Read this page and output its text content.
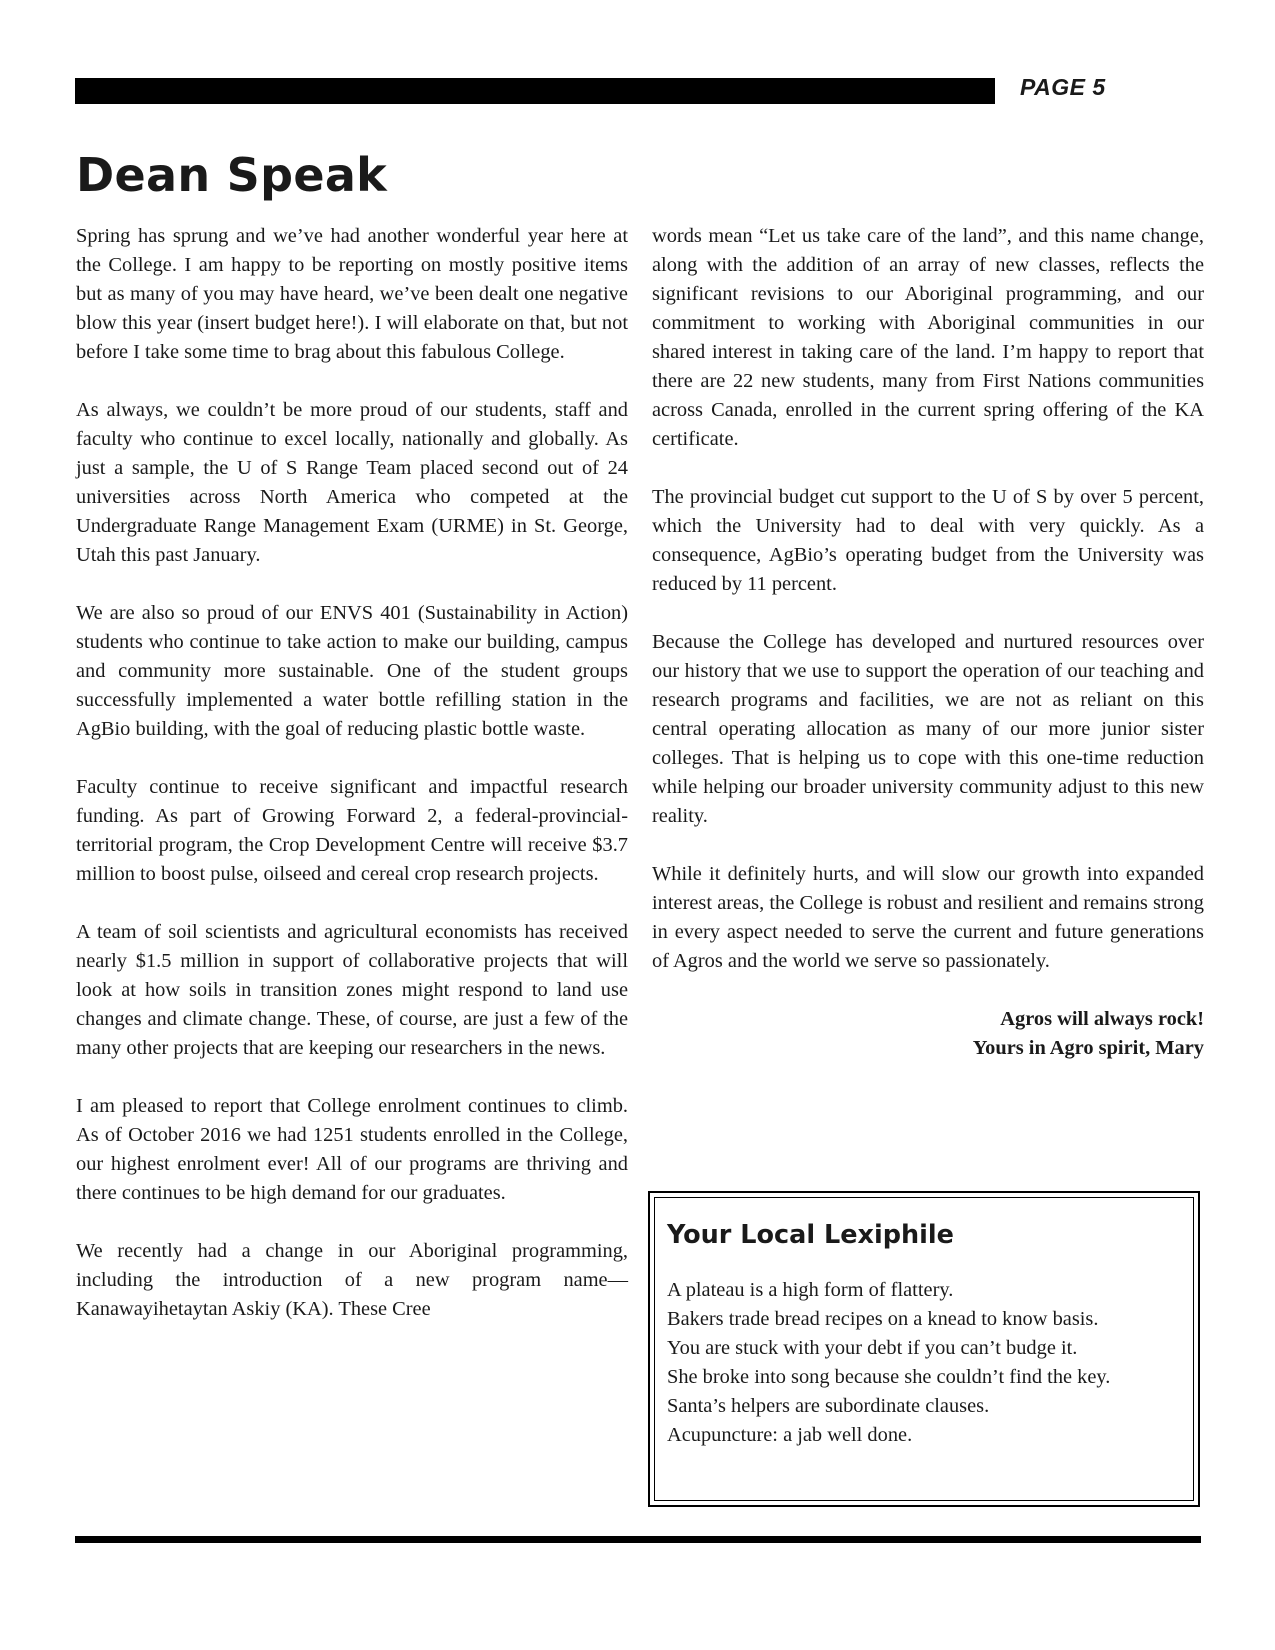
PAGE 5
Dean Speak

Spring has sprung and we’ve had another wonderful year here at the College. I am happy to be reporting on mostly positive items but as many of you may have heard, we’ve been dealt one negative blow this year (insert budget here!). I will elaborate on that, but not before I take some time to brag about this fabulous College.

As always, we couldn’t be more proud of our students, staff and faculty who continue to excel locally, nationally and globally. As just a sample, the U of S Range Team placed second out of 24 universities across North America who competed at the Undergraduate Range Management Exam (URME) in St. George, Utah this past January.

We are also so proud of our ENVS 401 (Sustainability in Action) students who continue to take action to make our building, campus and community more sustainable. One of the student groups successfully implemented a water bottle refilling station in the AgBio building, with the goal of reducing plastic bottle waste.

Faculty continue to receive significant and impactful research funding. As part of Growing Forward 2, a federal-provincial-territorial program, the Crop Development Centre will receive $3.7 million to boost pulse, oilseed and cereal crop research projects.

A team of soil scientists and agricultural economists has received nearly $1.5 million in support of collaborative projects that will look at how soils in transition zones might respond to land use changes and climate change. These, of course, are just a few of the many other projects that are keeping our researchers in the news.

I am pleased to report that College enrolment continues to climb. As of October 2016 we had 1251 students enrolled in the College, our highest enrolment ever! All of our programs are thriving and there continues to be high demand for our graduates.

We recently had a change in our Aboriginal programming, including the introduction of a new program name—Kanawayihetaytan Askiy (KA). These Cree

words mean “Let us take care of the land”, and this name change, along with the addition of an array of new classes, reflects the significant revisions to our Aboriginal programming, and our commitment to working with Aboriginal communities in our shared interest in taking care of the land. I’m happy to report that there are 22 new students, many from First Nations communities across Canada, enrolled in the current spring offering of the KA certificate.

The provincial budget cut support to the U of S by over 5 percent, which the University had to deal with very quickly. As a consequence, AgBio’s operating budget from the University was reduced by 11 percent.

Because the College has developed and nurtured resources over our history that we use to support the operation of our teaching and research programs and facilities, we are not as reliant on this central operating allocation as many of our more junior sister colleges. That is helping us to cope with this one-time reduction while helping our broader university community adjust to this new reality.

While it definitely hurts, and will slow our growth into expanded interest areas, the College is robust and resilient and remains strong in every aspect needed to serve the current and future generations of Agros and the world we serve so passionately.

Agros will always rock!
Yours in Agro spirit, Mary
Your Local Lexiphile
A plateau is a high form of flattery.
Bakers trade bread recipes on a knead to know basis.
You are stuck with your debt if you can’t budge it.
She broke into song because she couldn’t find the key.
Santa’s helpers are subordinate clauses.
Acupuncture: a jab well done.
